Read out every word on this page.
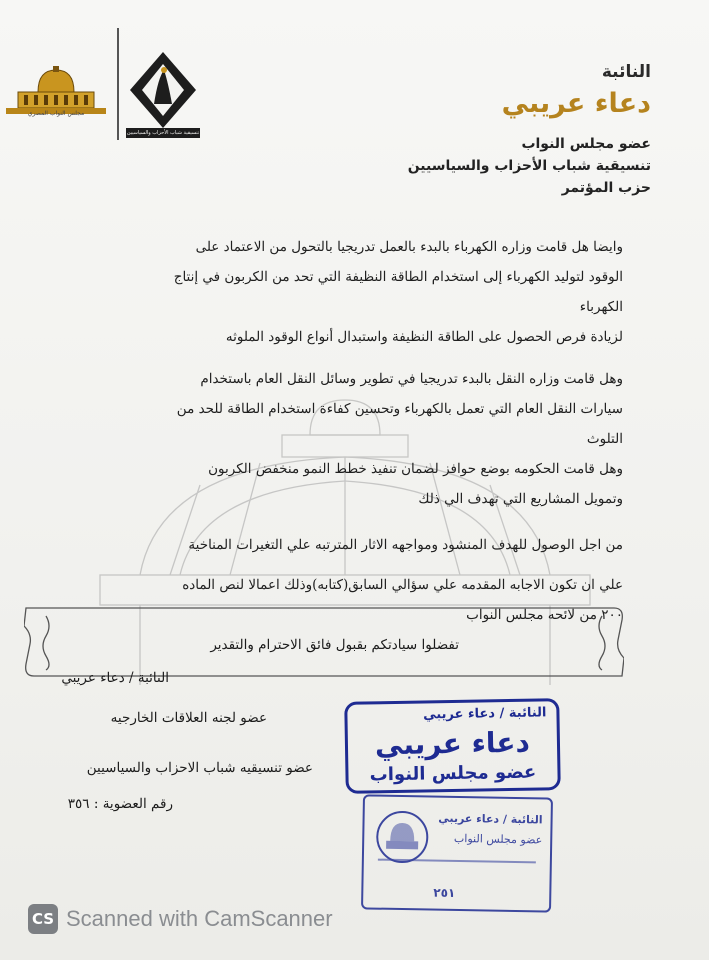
مجلس النواب المصري
تنسيقية شباب الأحزاب والسياسيين
النائبة
دعاء عريبي
عضو مجلس النواب
تنسيقية شباب الأحزاب والسياسيين
حزب المؤتمر
وايضا هل قامت وزاره الكهرباء بالبدء بالعمل تدريجيا بالتحول من الاعتماد على
الوقود لتوليد الكهرباء إلى استخدام الطاقة النظيفة التي تحد من الكربون في إنتاج
الكهرباء
لزيادة فرص الحصول على الطاقة النظيفة واستبدال أنواع الوقود الملوثه
وهل قامت وزاره النقل بالبدء تدريجيا في تطوير وسائل النقل العام باستخدام
سيارات النقل العام التي تعمل بالكهرباء وتحسين كفاءة استخدام الطاقة للحد من
التلوث
وهل قامت الحكومه بوضع حوافز لضمان تنفيذ خطط النمو منخفض الكربون
وتمويل المشاريع التي تهدف الي ذلك
من اجل الوصول للهدف المنشود ومواجهه الاثار المترتبه علي التغيرات المناخية
علي ان تكون الاجابه المقدمه علي سؤالي السابق(كتابه)وذلك اعمالا لنص الماده
٢٠٠ من لائحه مجلس النواب
تفضلوا سيادتكم بقبول فائق الاحترام والتقدير
النائبة / دعاء عريبي
عضو لجنه العلاقات الخارجيه
عضو تنسيقيه شباب الاحزاب والسياسيين
رقم العضوية : ٣٥٦
النائبة / دعاء عريبي
دعاء عريبي
عضو مجلس النواب
النائبة / دعاء عريبي
عضو مجلس النواب
٢٥١
CS Scanned with CamScanner
